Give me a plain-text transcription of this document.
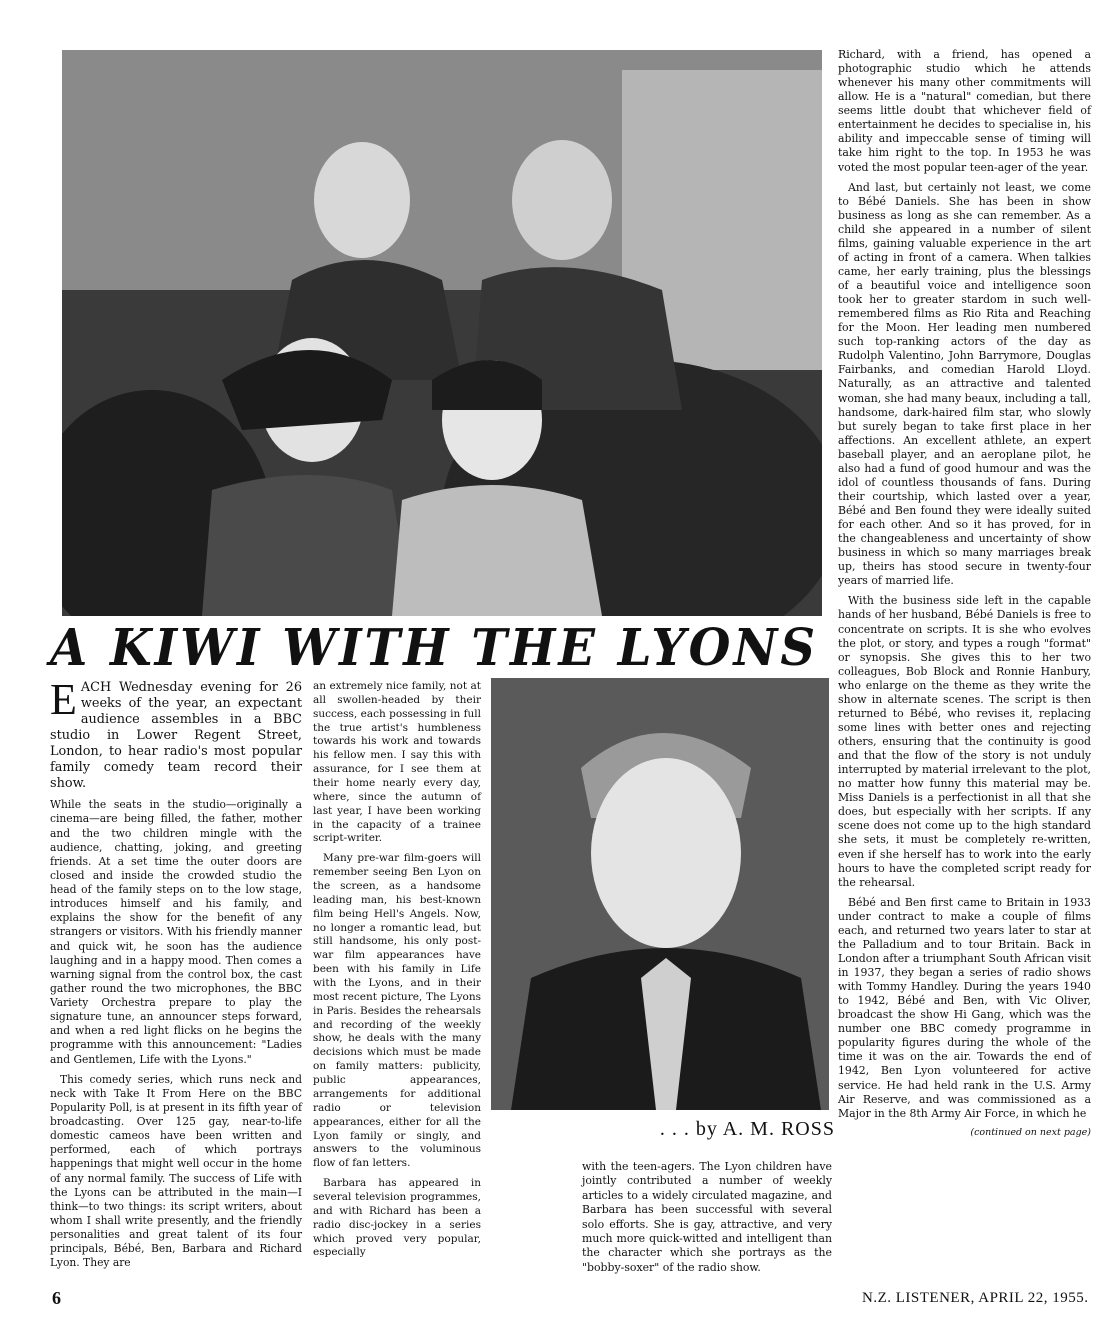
A KIWI WITH THE LYONS

EACH Wednesday evening for 26 weeks of the year, an expectant audience assembles in a BBC studio in Lower Regent Street, London, to hear radio's most popular family comedy team record their show.

While the seats in the studio—originally a cinema—are being filled, the father, mother and the two children mingle with the audience, chatting, joking, and greeting friends. At a set time the outer doors are closed and inside the crowded studio the head of the family steps on to the low stage, introduces himself and his family, and explains the show for the benefit of any strangers or visitors. With his friendly manner and quick wit, he soon has the audience laughing and in a happy mood. Then comes a warning signal from the control box, the cast gather round the two microphones, the BBC Variety Orchestra prepare to play the signature tune, an announcer steps forward, and when a red light flicks on he begins the programme with this announcement: "Ladies and Gentlemen, Life with the Lyons."

This comedy series, which runs neck and neck with Take It From Here on the BBC Popularity Poll, is at present in its fifth year of broadcasting. Over 125 gay, near-to-life domestic cameos have been written and performed, each of which portrays happenings that might well occur in the home of any normal family. The success of Life with the Lyons can be attributed in the main—I think—to two things: its script writers, about whom I shall write presently, and the friendly personalities and great talent of its four principals, Bébé, Ben, Barbara and Richard Lyon. They are

an extremely nice family, not at all swollen-headed by their success, each possessing in full the true artist's humbleness towards his work and towards his fellow men. I say this with assurance, for I see them at their home nearly every day, where, since the autumn of last year, I have been working in the capacity of a trainee script-writer.

Many pre-war film-goers will remember seeing Ben Lyon on the screen, as a handsome leading man, his best-known film being Hell's Angels. Now, no longer a romantic lead, but still handsome, his only post-war film appearances have been with his family in Life with the Lyons, and in their most recent picture, The Lyons in Paris. Besides the rehearsals and recording of the weekly show, he deals with the many decisions which must be made on family matters: publicity, public appearances, arrangements for additional radio or television appearances, either for all the Lyon family or singly, and answers to the voluminous flow of fan letters.

Barbara has appeared in several television programmes, and with Richard has been a radio disc-jockey in a series which proved very popular, especially

. . . by A. M. ROSS

with the teen-agers. The Lyon children have jointly contributed a number of weekly articles to a widely circulated magazine, and Barbara has been successful with several solo efforts. She is gay, attractive, and very much more quick-witted and intelligent than the character which she portrays as the "bobby-soxer" of the radio show.

Richard, with a friend, has opened a photographic studio which he attends whenever his many other commitments will allow. He is a "natural" comedian, but there seems little doubt that whichever field of entertainment he decides to specialise in, his ability and impeccable sense of timing will take him right to the top. In 1953 he was voted the most popular teen-ager of the year.

And last, but certainly not least, we come to Bébé Daniels. She has been in show business as long as she can remember. As a child she appeared in a number of silent films, gaining valuable experience in the art of acting in front of a camera. When talkies came, her early training, plus the blessings of a beautiful voice and intelligence soon took her to greater stardom in such well-remembered films as Rio Rita and Reaching for the Moon. Her leading men numbered such top-ranking actors of the day as Rudolph Valentino, John Barrymore, Douglas Fairbanks, and comedian Harold Lloyd. Naturally, as an attractive and talented woman, she had many beaux, including a tall, handsome, dark-haired film star, who slowly but surely began to take first place in her affections. An excellent athlete, an expert baseball player, and an aeroplane pilot, he also had a fund of good humour and was the idol of countless thousands of fans. During their courtship, which lasted over a year, Bébé and Ben found they were ideally suited for each other. And so it has proved, for in the changeableness and uncertainty of show business in which so many marriages break up, theirs has stood secure in twenty-four years of married life.

With the business side left in the capable hands of her husband, Bébé Daniels is free to concentrate on scripts. It is she who evolves the plot, or story, and types a rough "format" or synopsis. She gives this to her two colleagues, Bob Block and Ronnie Hanbury, who enlarge on the theme as they write the show in alternate scenes. The script is then returned to Bébé, who revises it, replacing some lines with better ones and rejecting others, ensuring that the continuity is good and that the flow of the story is not unduly interrupted by material irrelevant to the plot, no matter how funny this material may be. Miss Daniels is a perfectionist in all that she does, but especially with her scripts. If any scene does not come up to the high standard she sets, it must be completely re-written, even if she herself has to work into the early hours to have the completed script ready for the rehearsal.

Bébé and Ben first came to Britain in 1933 under contract to make a couple of films each, and returned two years later to star at the Palladium and to tour Britain. Back in London after a triumphant South African visit in 1937, they began a series of radio shows with Tommy Handley. During the years 1940 to 1942, Bébé and Ben, with Vic Oliver, broadcast the show Hi Gang, which was the number one BBC comedy programme in popularity figures during the whole of the time it was on the air. Towards the end of 1942, Ben Lyon volunteered for active service. He had held rank in the U.S. Army Air Reserve, and was commissioned as a Major in the 8th Army Air Force, in which he

(continued on next page)
6	N.Z. LISTENER, APRIL 22, 1955.
